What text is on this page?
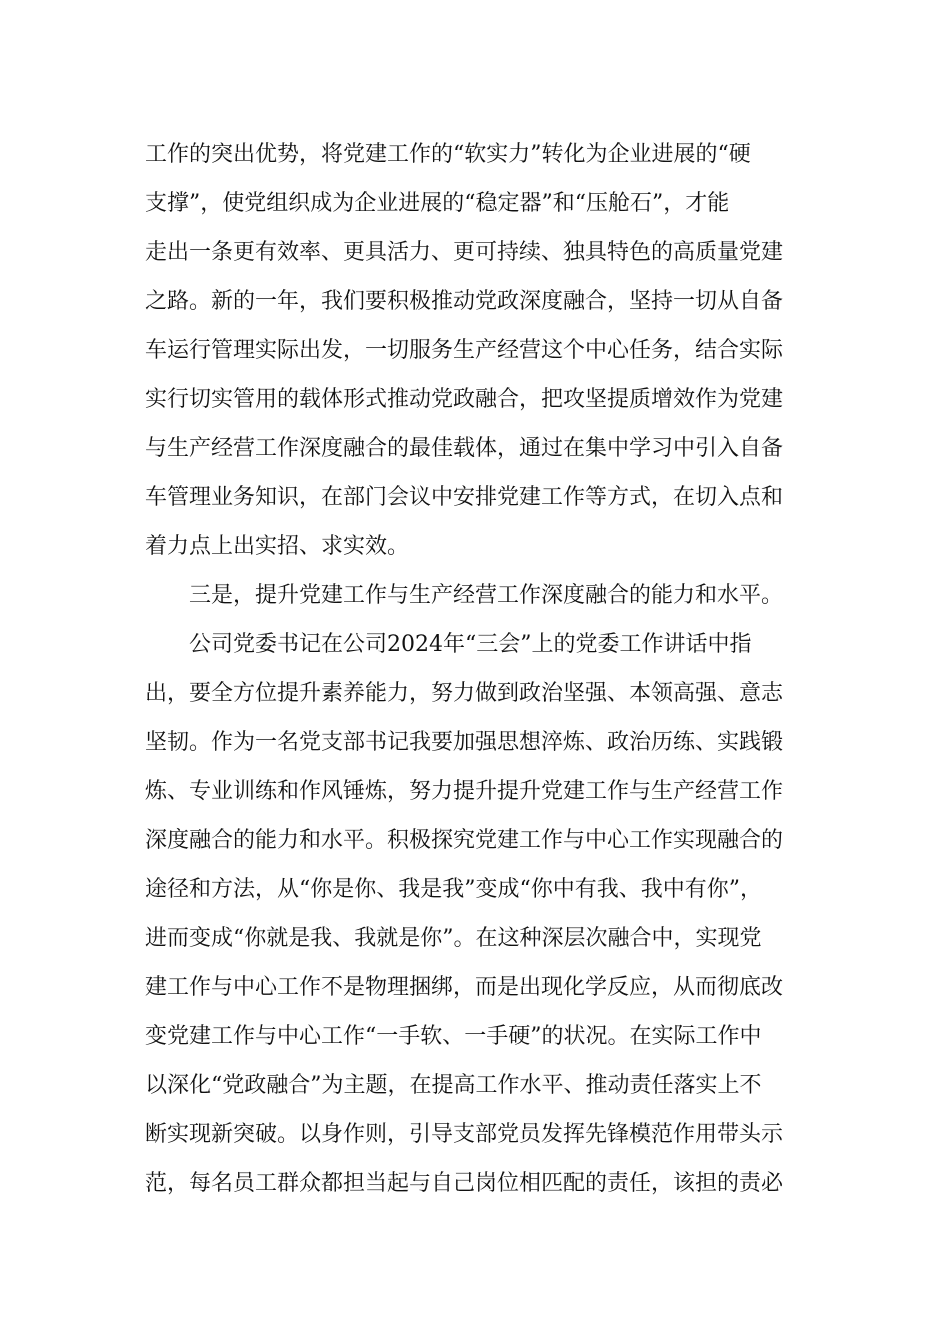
工作的突出优势，将党建工作的“软实力”转化为企业进展的“硬
支撑”，使党组织成为企业进展的“稳定器”和“压舱石”，才能
走出一条更有效率、更具活力、更可持续、独具特色的高质量党建
之路。新的一年，我们要积极推动党政深度融合，坚持一切从自备
车运行管理实际出发，一切服务生产经营这个中心任务，结合实际
实行切实管用的载体形式推动党政融合，把攻坚提质增效作为党建
与生产经营工作深度融合的最佳载体，通过在集中学习中引入自备
车管理业务知识，在部门会议中安排党建工作等方式，在切入点和
着力点上出实招、求实效。
　　三是，提升党建工作与生产经营工作深度融合的能力和水平。
　　公司党委书记在公司2024年“三会”上的党委工作讲话中指
出，要全方位提升素养能力，努力做到政治坚强、本领高强、意志
坚韧。作为一名党支部书记我要加强思想淬炼、政治历练、实践锻
炼、专业训练和作风锤炼，努力提升提升党建工作与生产经营工作
深度融合的能力和水平。积极探究党建工作与中心工作实现融合的
途径和方法，从“你是你、我是我”变成“你中有我、我中有你”，
进而变成“你就是我、我就是你”。在这种深层次融合中，实现党
建工作与中心工作不是物理捆绑，而是出现化学反应，从而彻底改
变党建工作与中心工作“一手软、一手硬”的状况。在实际工作中
以深化“党政融合”为主题，在提高工作水平、推动责任落实上不
断实现新突破。以身作则，引导支部党员发挥先锋模范作用带头示
范，每名员工群众都担当起与自己岗位相匹配的责任，该担的责必
